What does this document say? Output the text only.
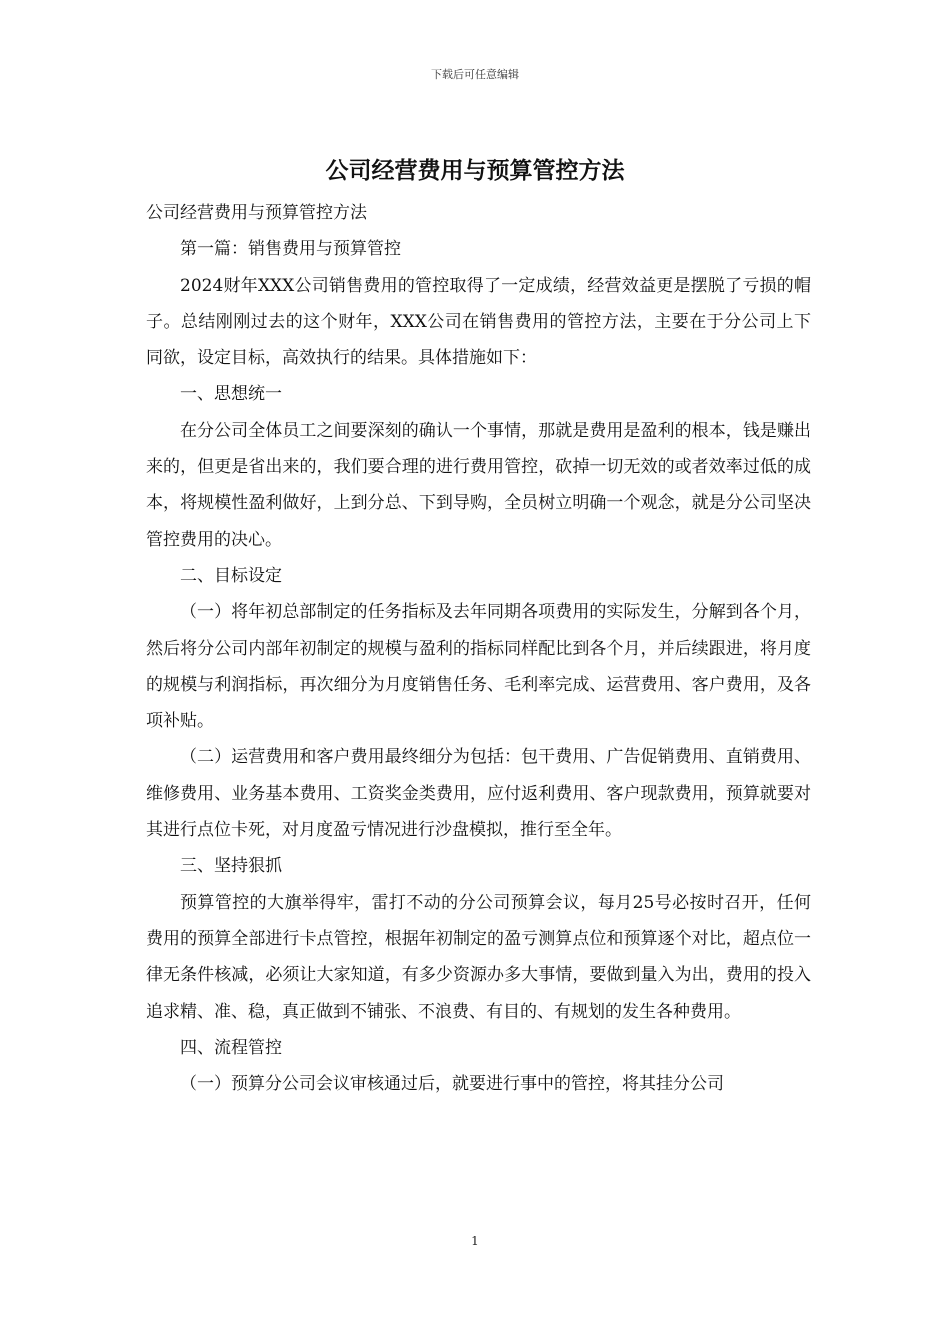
下载后可任意编辑
公司经营费用与预算管控方法

公司经营费用与预算管控方法

第一篇：销售费用与预算管控

2024财年XXX公司销售费用的管控取得了一定成绩，经营效益更是摆脱了亏损的帽子。总结刚刚过去的这个财年，XXX公司在销售费用的管控方法，主要在于分公司上下同欲，设定目标，高效执行的结果。具体措施如下：

一、思想统一

在分公司全体员工之间要深刻的确认一个事情，那就是费用是盈利的根本，钱是赚出来的，但更是省出来的，我们要合理的进行费用管控，砍掉一切无效的或者效率过低的成本，将规模性盈利做好，上到分总、下到导购，全员树立明确一个观念，就是分公司坚决管控费用的决心。

二、目标设定

（一）将年初总部制定的任务指标及去年同期各项费用的实际发生，分解到各个月，然后将分公司内部年初制定的规模与盈利的指标同样配比到各个月，并后续跟进，将月度的规模与利润指标，再次细分为月度销售任务、毛利率完成、运营费用、客户费用，及各项补贴。

（二）运营费用和客户费用最终细分为包括：包干费用、广告促销费用、直销费用、维修费用、业务基本费用、工资奖金类费用，应付返利费用、客户现款费用，预算就要对其进行点位卡死，对月度盈亏情况进行沙盘模拟，推行至全年。

三、坚持狠抓

预算管控的大旗举得牢，雷打不动的分公司预算会议，每月25号必按时召开，任何费用的预算全部进行卡点管控，根据年初制定的盈亏测算点位和预算逐个对比，超点位一律无条件核减，必须让大家知道，有多少资源办多大事情，要做到量入为出，费用的投入追求精、准、稳，真正做到不铺张、不浪费、有目的、有规划的发生各种费用。

四、流程管控

（一）预算分公司会议审核通过后，就要进行事中的管控，将其挂分公司

1
